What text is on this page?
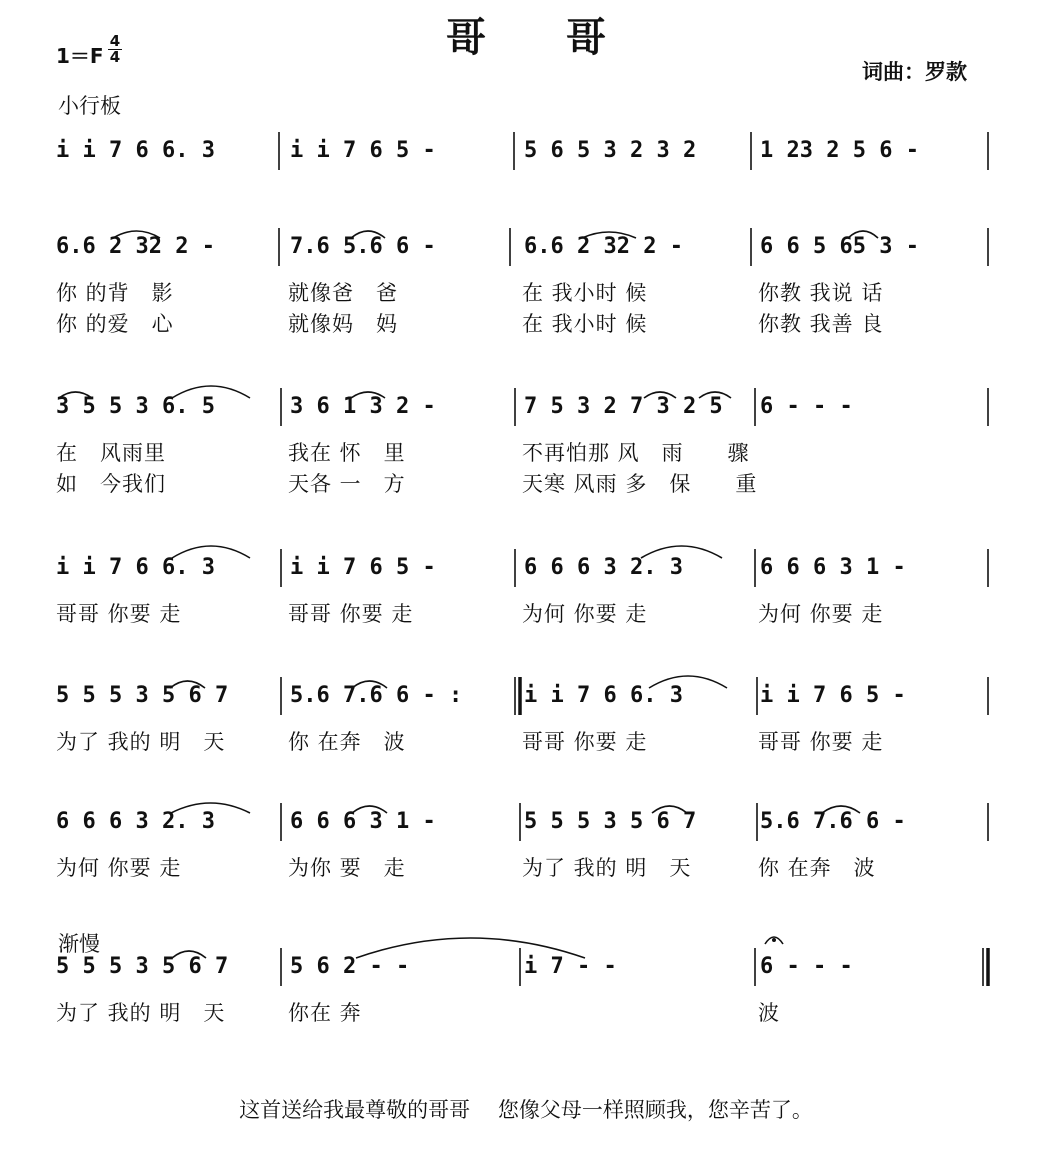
哥　　哥
1＝F
4
4
小行板
词曲：罗款
渐慢
i i 7 6 6. 3	i i 7 6 5 -	5 6 5 3 2 3 2	1 23 2 5 6 -
6.6 2 32 2 -	7.6 5.6 6 -	6.6 2 32 2 -	6 6 5 65 3 -
你 的背　影	就像爸　爸	在 我小时 候	你教 我说 话
你 的爱　心	就像妈　妈	在 我小时 候	你教 我善 良
3 5 5 3 6. 5	3 6 1 3 2 -	7 5 3 2 7 3 2 5 6 - - -
在　风雨里	我在 怀　里	不再怕那 风　雨　　骤
如　今我们	天各 一　方	天寒 风雨 多　保　　重
i i 7 6 6. 3	i i 7 6 5 -	6 6 6 3 2. 3	6 6 6 3 1 -
哥哥 你要 走	哥哥 你要 走	为何 你要 走	为何 你要 走
5 5 5 3 5 6 7	5.6 7.6 6 - :	i i 7 6 6. 3	i i 7 6 5 -
为了 我的 明　天	你 在奔　波	哥哥 你要 走	哥哥 你要 走
6 6 6 3 2. 3	6 6 6 3 1 -	5 5 5 3 5 6 7	5.6 7.6 6 -
为何 你要 走	为你 要　走	为了 我的 明　天	你 在奔　波
5 5 5 3 5 6 7	5 6 2 - -	i 7 - -	6 - - -
为了 我的 明　天	你在 奔	波
这首送给我最尊敬的哥哥　 您像父母一样照顾我，您辛苦了。
